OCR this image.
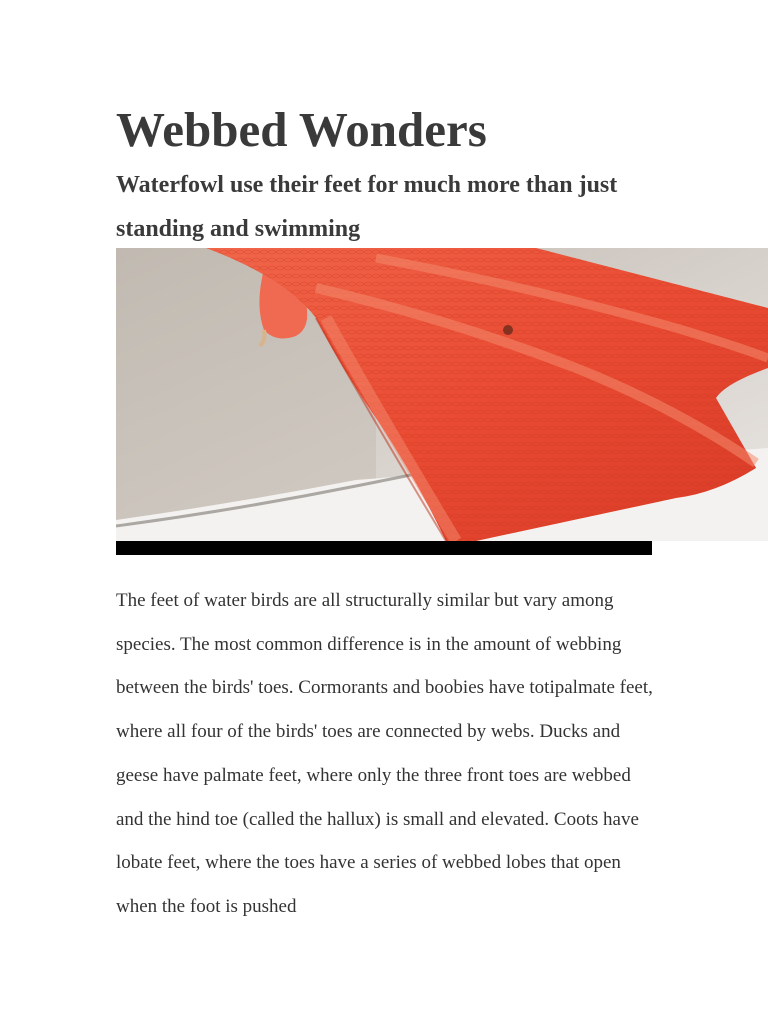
Webbed Wonders
Waterfowl use their feet for much more than just standing and swimming

The feet of water birds are all structurally similar but vary among species. The most common difference is in the amount of webbing between the birds' toes. Cormorants and boobies have totipalmate feet, where all four of the birds' toes are connected by webs. Ducks and geese have palmate feet, where only the three front toes are webbed and the hind toe (called the hallux) is small and elevated. Coots have lobate feet, where the toes have a series of webbed lobes that open when the foot is pushed
